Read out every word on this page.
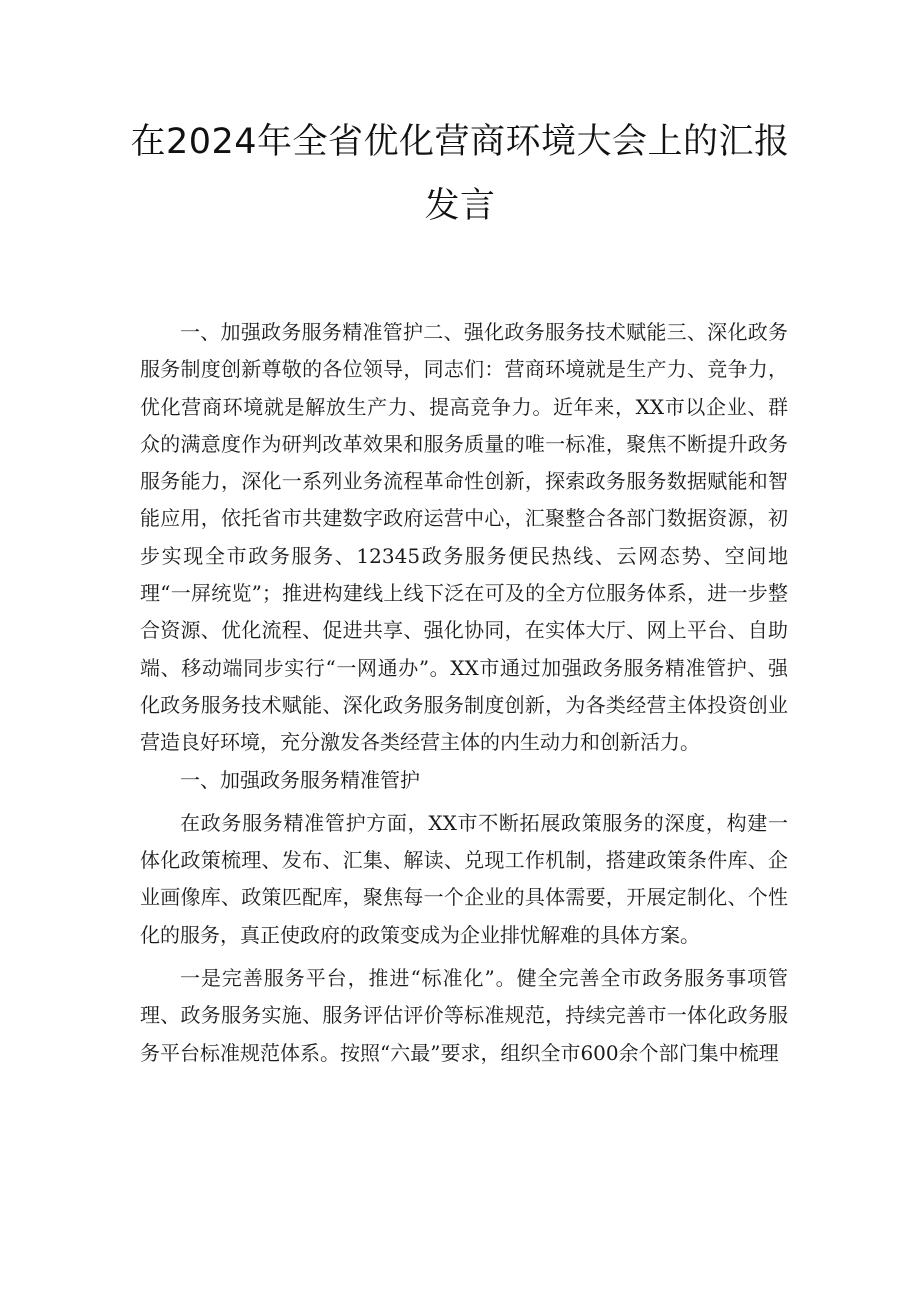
在2024年全省优化营商环境大会上的汇报
发言

一、加强政务服务精准管护二、强化政务服务技术赋能三、深化政务服务制度创新尊敬的各位领导，同志们：营商环境就是生产力、竞争力，优化营商环境就是解放生产力、提高竞争力。近年来，XX市以企业、群众的满意度作为研判改革效果和服务质量的唯一标准，聚焦不断提升政务服务能力，深化一系列业务流程革命性创新，探索政务服务数据赋能和智能应用，依托省市共建数字政府运营中心，汇聚整合各部门数据资源，初步实现全市政务服务、12345政务服务便民热线、云网态势、空间地理“一屏统览”；推进构建线上线下泛在可及的全方位服务体系，进一步整合资源、优化流程、促进共享、强化协同，在实体大厅、网上平台、自助端、移动端同步实行“一网通办”。XX市通过加强政务服务精准管护、强化政务服务技术赋能、深化政务服务制度创新，为各类经营主体投资创业营造良好环境，充分激发各类经营主体的内生动力和创新活力。

一、加强政务服务精准管护

在政务服务精准管护方面，XX市不断拓展政策服务的深度，构建一体化政策梳理、发布、汇集、解读、兑现工作机制，搭建政策条件库、企业画像库、政策匹配库，聚焦每一个企业的具体需要，开展定制化、个性化的服务，真正使政府的政策变成为企业排忧解难的具体方案。

一是完善服务平台，推进“标准化”。健全完善全市政务服务事项管理、政务服务实施、服务评估评价等标准规范，持续完善市一体化政务服务平台标准规范体系。按照“六最”要求，组织全市600余个部门集中梳理
